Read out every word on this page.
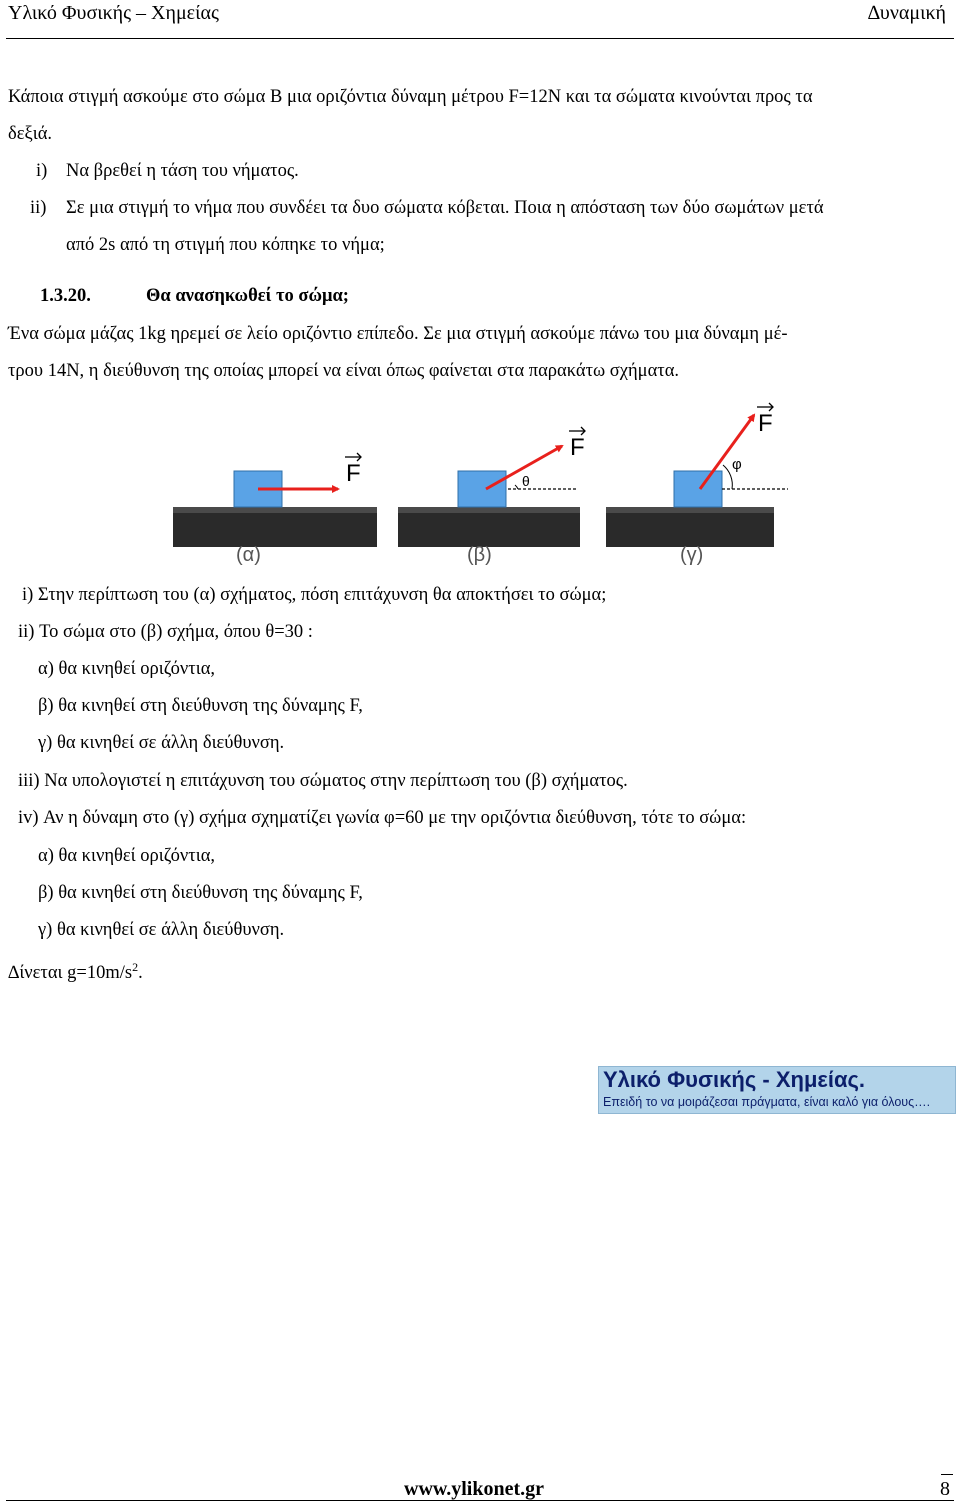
Υλικό Φυσικής – Χημείας	∆υναμική
Κάποια στιγμή ασκούμε στο σώμα Β μια οριζόντια δύναμη μέτρου F=12N και τα σώματα κινούνται προς τα
δεξιά.
i) Να βρεθεί η τάση του νήματος.
ii) Σε μια στιγμή το νήμα που συνδέει τα δυο σώματα κόβεται. Ποια η απόσταση των δύο σωμάτων μετά
από 2s από τη στιγμή που κόπηκε το νήμα;
1.3.20.	Θα ανασηκωθεί το σώμα;
Ένα σώμα μάζας 1kg ηρεμεί σε λείο οριζόντιο επίπεδο. Σε μια στιγμή ασκούμε πάνω του μια δύναμη μέ-
τρου 14N, η διεύθυνση της οποίας μπορεί να είναι όπως φαίνεται στα παρακάτω σχήματα.
F
(α)
θ
F
(β)
φ
F
(γ)
i) Στην περίπτωση του (α) σχήματος, πόση επιτάχυνση θα αποκτήσει το σώμα;
ii) Το σώμα στο (β) σχήμα, όπου θ=30 :
α) θα κινηθεί οριζόντια,
β) θα κινηθεί στη διεύθυνση της δύναμης F,
γ) θα κινηθεί σε άλλη διεύθυνση.
iii) Να υπολογιστεί η επιτάχυνση του σώματος στην περίπτωση του (β) σχήματος.
iv) Αν η δύναμη στο (γ) σχήμα σχηματίζει γωνία φ=60 με την οριζόντια διεύθυνση, τότε το σώμα:
α) θα κινηθεί οριζόντια,
β) θα κινηθεί στη διεύθυνση της δύναμης F,
γ) θα κινηθεί σε άλλη διεύθυνση.
∆ίνεται $g=10m/s^2$.
Υλικό Φυσικής - Χημείας.
Επειδή το να μοιράζεσαι πράγματα, είναι καλό για όλους….
www.ylikonet.gr	8
